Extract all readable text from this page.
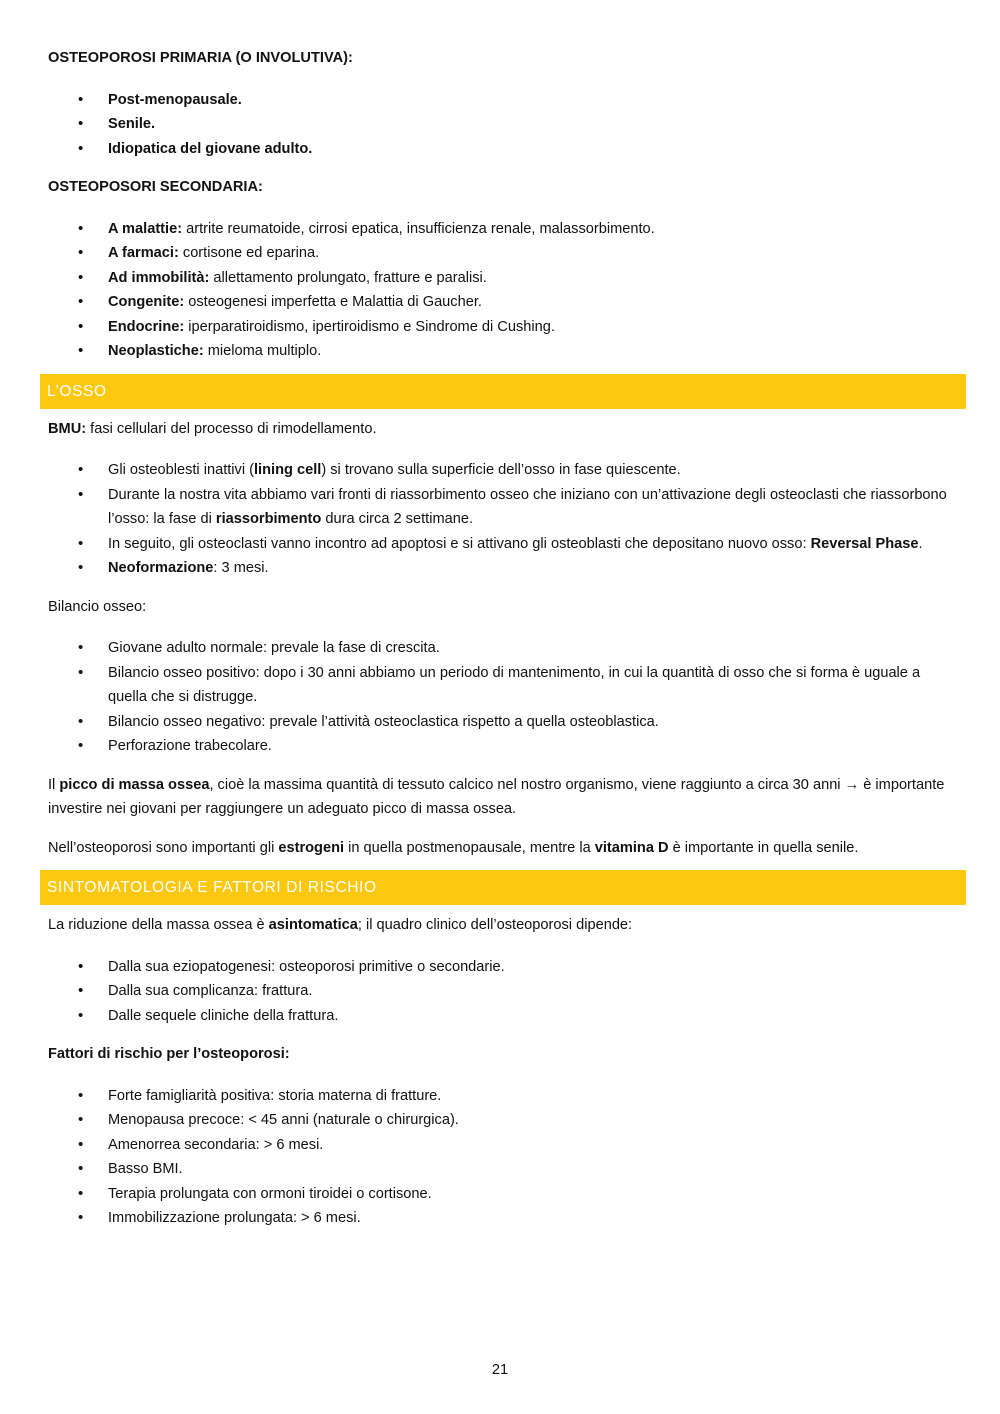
OSTEOPOROSI PRIMARIA (O INVOLUTIVA):

• Post-menopausale.
• Senile.
• Idiopatica del giovane adulto.

OSTEOPOSORI SECONDARIA:

• A malattie: artrite reumatoide, cirrosi epatica, insufficienza renale, malassorbimento.
• A farmaci: cortisone ed eparina.
• Ad immobilità: allettamento prolungato, fratture e paralisi.
• Congenite: osteogenesi imperfetta e Malattia di Gaucher.
• Endocrine: iperparatiroidismo, ipertiroidismo e Sindrome di Cushing.
• Neoplastiche: mieloma multiplo.
L’OSSO

BMU: fasi cellulari del processo di rimodellamento.

• Gli osteoblesti inattivi (lining cell) si trovano sulla superficie dell’osso in fase quiescente.
• Durante la nostra vita abbiamo vari fronti di riassorbimento osseo che iniziano con un’attivazione degli osteoclasti che riassorbono l’osso: la fase di riassorbimento dura circa 2 settimane.
• In seguito, gli osteoclasti vanno incontro ad apoptosi e si attivano gli osteoblasti che depositano nuovo osso: Reversal Phase.
• Neoformazione: 3 mesi.

Bilancio osseo:

• Giovane adulto normale: prevale la fase di crescita.
• Bilancio osseo positivo: dopo i 30 anni abbiamo un periodo di mantenimento, in cui la quantità di osso che si forma è uguale a quella che si distrugge.
• Bilancio osseo negativo: prevale l’attività osteoclastica rispetto a quella osteoblastica.
• Perforazione trabecolare.

Il picco di massa ossea, cioè la massima quantità di tessuto calcico nel nostro organismo, viene raggiunto a circa 30 anni → è importante investire nei giovani per raggiungere un adeguato picco di massa ossea.

Nell’osteoporosi sono importanti gli estrogeni in quella postmenopausale, mentre la vitamina D è importante in quella senile.

SINTOMATOLOGIA E FATTORI DI RISCHIO

La riduzione della massa ossea è asintomatica; il quadro clinico dell’osteoporosi dipende:

• Dalla sua eziopatogenesi: osteoporosi primitive o secondarie.
• Dalla sua complicanza: frattura.
• Dalle sequele cliniche della frattura.

Fattori di rischio per l’osteoporosi:

• Forte famigliarità positiva: storia materna di fratture.
• Menopausa precoce: < 45 anni (naturale o chirurgica).
• Amenorrea secondaria: > 6 mesi.
• Basso BMI.
• Terapia prolungata con ormoni tiroidei o cortisone.
• Immobilizzazione prolungata: > 6 mesi.
21
